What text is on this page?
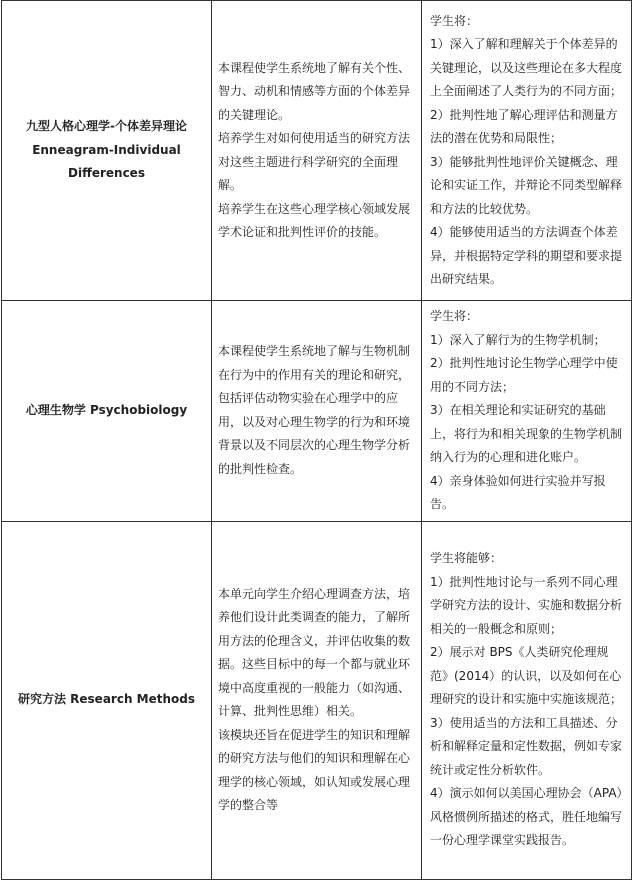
九型人格心理学-个体差异理论
Enneagram-Individual
Differences	本课程使学生系统地了解有关个性、智力、动机和情感等方面的个体差异的关键理论。
培养学生对如何使用适当的研究方法对这些主题进行科学研究的全面理解。
培养学生在这些心理学核心领域发展学术论证和批判性评价的技能。	学生将：
1）深入了解和理解关于个体差异的关键理论，以及这些理论在多大程度上全面阐述了人类行为的不同方面；
2）批判性地了解心理评估和测量方法的潜在优势和局限性；
3）能够批判性地评价关键概念、理论和实证工作，并辩论不同类型解释和方法的比较优势。
4）能够使用适当的方法调查个体差异，并根据特定学科的期望和要求提出研究结果。

心理生物学 Psychobiology	本课程使学生系统地了解与生物机制在行为中的作用有关的理论和研究，包括评估动物实验在心理学中的应用，以及对心理生物学的行为和环境背景以及不同层次的心理生物学分析的批判性检查。	学生将：
1）深入了解行为的生物学机制；
2）批判性地讨论生物学心理学中使用的不同方法；
3）在相关理论和实证研究的基础上，将行为和相关现象的生物学机制纳入行为的心理和进化账户。
4）亲身体验如何进行实验并写报告。

研究方法 Research Methods	本单元向学生介绍心理调查方法，培养他们设计此类调查的能力，了解所用方法的伦理含义，并评估收集的数据。这些目标中的每一个都与就业环境中高度重视的一般能力（如沟通、计算、批判性思维）相关。
该模块还旨在促进学生的知识和理解的研究方法与他们的知识和理解在心理学的核心领域，如认知或发展心理学的整合等	学生将能够：
1）批判性地讨论与一系列不同心理学研究方法的设计、实施和数据分析相关的一般概念和原则；
2）展示对 BPS《人类研究伦理规范》(2014）的认识，以及如何在心理研究的设计和实施中实施该规范；
3）使用适当的方法和工具描述、分析和解释定量和定性数据，例如专家统计或定性分析软件。
4）演示如何以美国心理协会（APA）风格惯例所描述的格式，胜任地编写一份心理学课堂实践报告。
